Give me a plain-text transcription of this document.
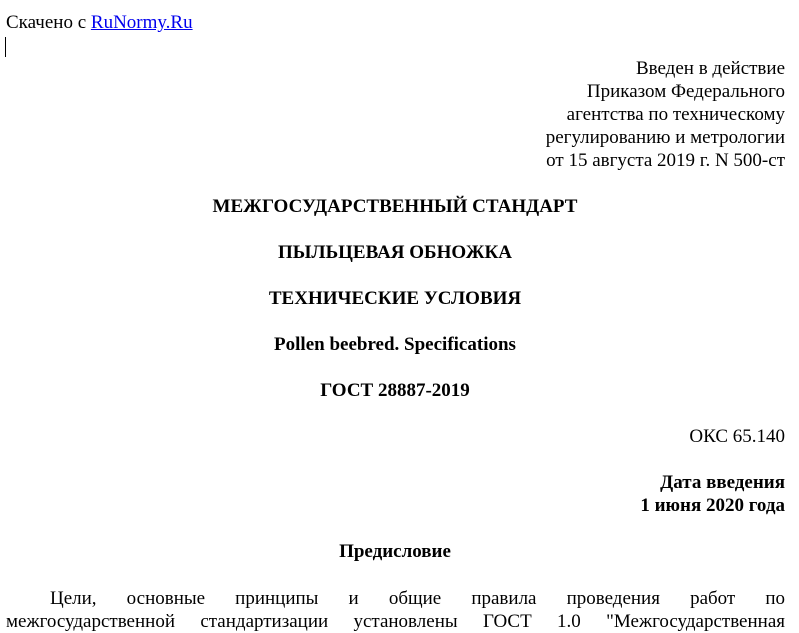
Скачено с RuNormy.Ru
Введен в действие
Приказом Федерального
агентства по техническому
регулированию и метрологии
от 15 августа 2019 г. N 500-ст
МЕЖГОСУДАРСТВЕННЫЙ СТАНДАРТ
ПЫЛЬЦЕВАЯ ОБНОЖКА
ТЕХНИЧЕСКИЕ УСЛОВИЯ
Pollen beebred. Specifications
ГОСТ 28887-2019
ОКС 65.140
Дата введения
1 июня 2020 года
Предисловие
Цели, основные принципы и общие правила проведения работ по
межгосударственной стандартизации установлены ГОСТ 1.0 "Межгосударственная
